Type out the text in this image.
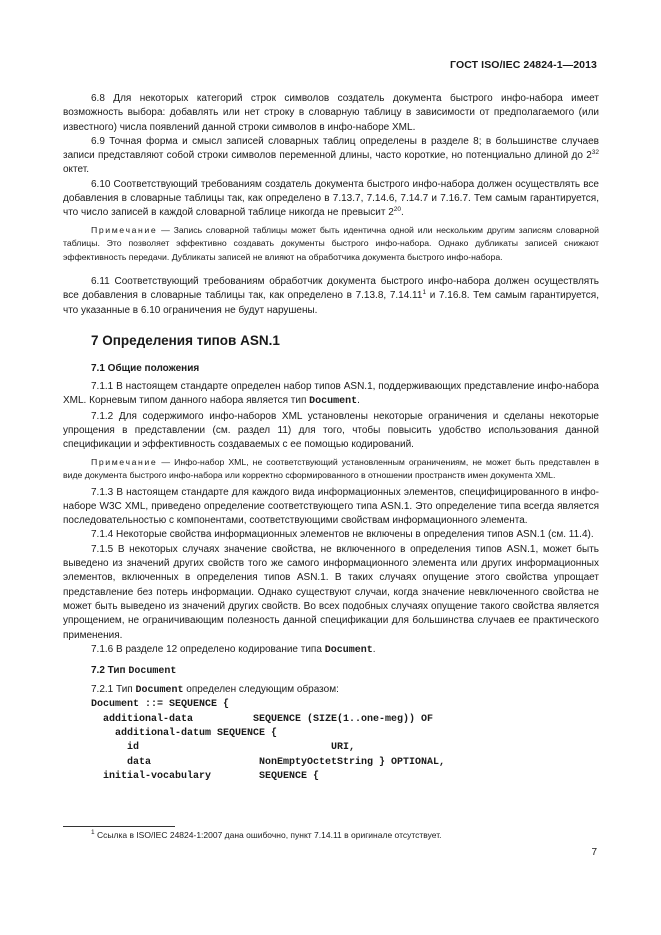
ГОСТ ISO/IEC 24824-1—2013

6.8 Для некоторых категорий строк символов создатель документа быстрого инфо-набора имеет возможность выбора: добавлять или нет строку в словарную таблицу в зависимости от предполагаемого (или известного) числа появлений данной строки символов в инфо-наборе XML.

6.9 Точная форма и смысл записей словарных таблиц определены в разделе 8; в большинстве случаев записи представляют собой строки символов переменной длины, часто короткие, но потенциально длиной до $2^{32}$ октет.

6.10 Соответствующий требованиям создатель документа быстрого инфо-набора должен осуществлять все добавления в словарные таблицы так, как определено в 7.13.7, 7.14.6, 7.14.7 и 7.16.7. Тем самым гарантируется, что число записей в каждой словарной таблице никогда не превысит $2^{20}$.

Примечание — Запись словарной таблицы может быть идентична одной или нескольким другим записям словарной таблицы. Это позволяет эффективно создавать документы быстрого инфо-набора. Однако дубликаты записей снижают эффективность передачи. Дубликаты записей не влияют на обработчика документа быстрого инфо-набора.

6.11 Соответствующий требованиям обработчик документа быстрого инфо-набора должен осуществлять все добавления в словарные таблицы так, как определено в 7.13.8, 7.14.11$^1$ и 7.16.8. Тем самым гарантируется, что указанные в 6.10 ограничения не будут нарушены.

7 Определения типов ASN.1
7.1 Общие положения

7.1.1 В настоящем стандарте определен набор типов ASN.1, поддерживающих представление инфо-набора XML. Корневым типом данного набора является тип Document.

7.1.2 Для содержимого инфо-наборов XML установлены некоторые ограничения и сделаны некоторые упрощения в представлении (см. раздел 11) для того, чтобы повысить удобство использования данной спецификации и эффективность создаваемых с ее помощью кодирований.

Примечание — Инфо-набор XML, не соответствующий установленным ограничениям, не может быть представлен в виде документа быстрого инфо-набора или корректно сформированного в отношении пространств имен документа XML.

7.1.3 В настоящем стандарте для каждого вида информационных элементов, специфицированного в инфо-наборе W3C XML, приведено определение соответствующего типа ASN.1. Это определение типа всегда является последовательностью с компонентами, соответствующими свойствам информационного элемента.

7.1.4 Некоторые свойства информационных элементов не включены в определения типов ASN.1 (см. 11.4).

7.1.5 В некоторых случаях значение свойства, не включенного в определения типов ASN.1, может быть выведено из значений других свойств того же самого информационного элемента или других информационных элементов, включенных в определения типов ASN.1. В таких случаях опущение этого свойства упрощает представление без потерь информации. Однако существуют случаи, когда значение невключенного свойства не может быть выведено из значений других свойств. Во всех подобных случаях опущение такого свойства является упрощением, не ограничивающим полезность данной спецификации для большинства случаев ее практического применения.

7.1.6 В разделе 12 определено кодирование типа Document.

7.2 Тип Document

7.2.1 Тип Document определен следующим образом:

Document ::= SEQUENCE {

additional-data          SEQUENCE (SIZE(1..one-meg)) OF

additional-datum SEQUENCE {

id                                URI,

data                  NonEmptyOctetString } OPTIONAL,

initial-vocabulary        SEQUENCE {

$^1$ Ссылка в ISO/IEC 24824-1:2007 дана ошибочно, пункт 7.14.11 в оригинале отсутствует.
7
